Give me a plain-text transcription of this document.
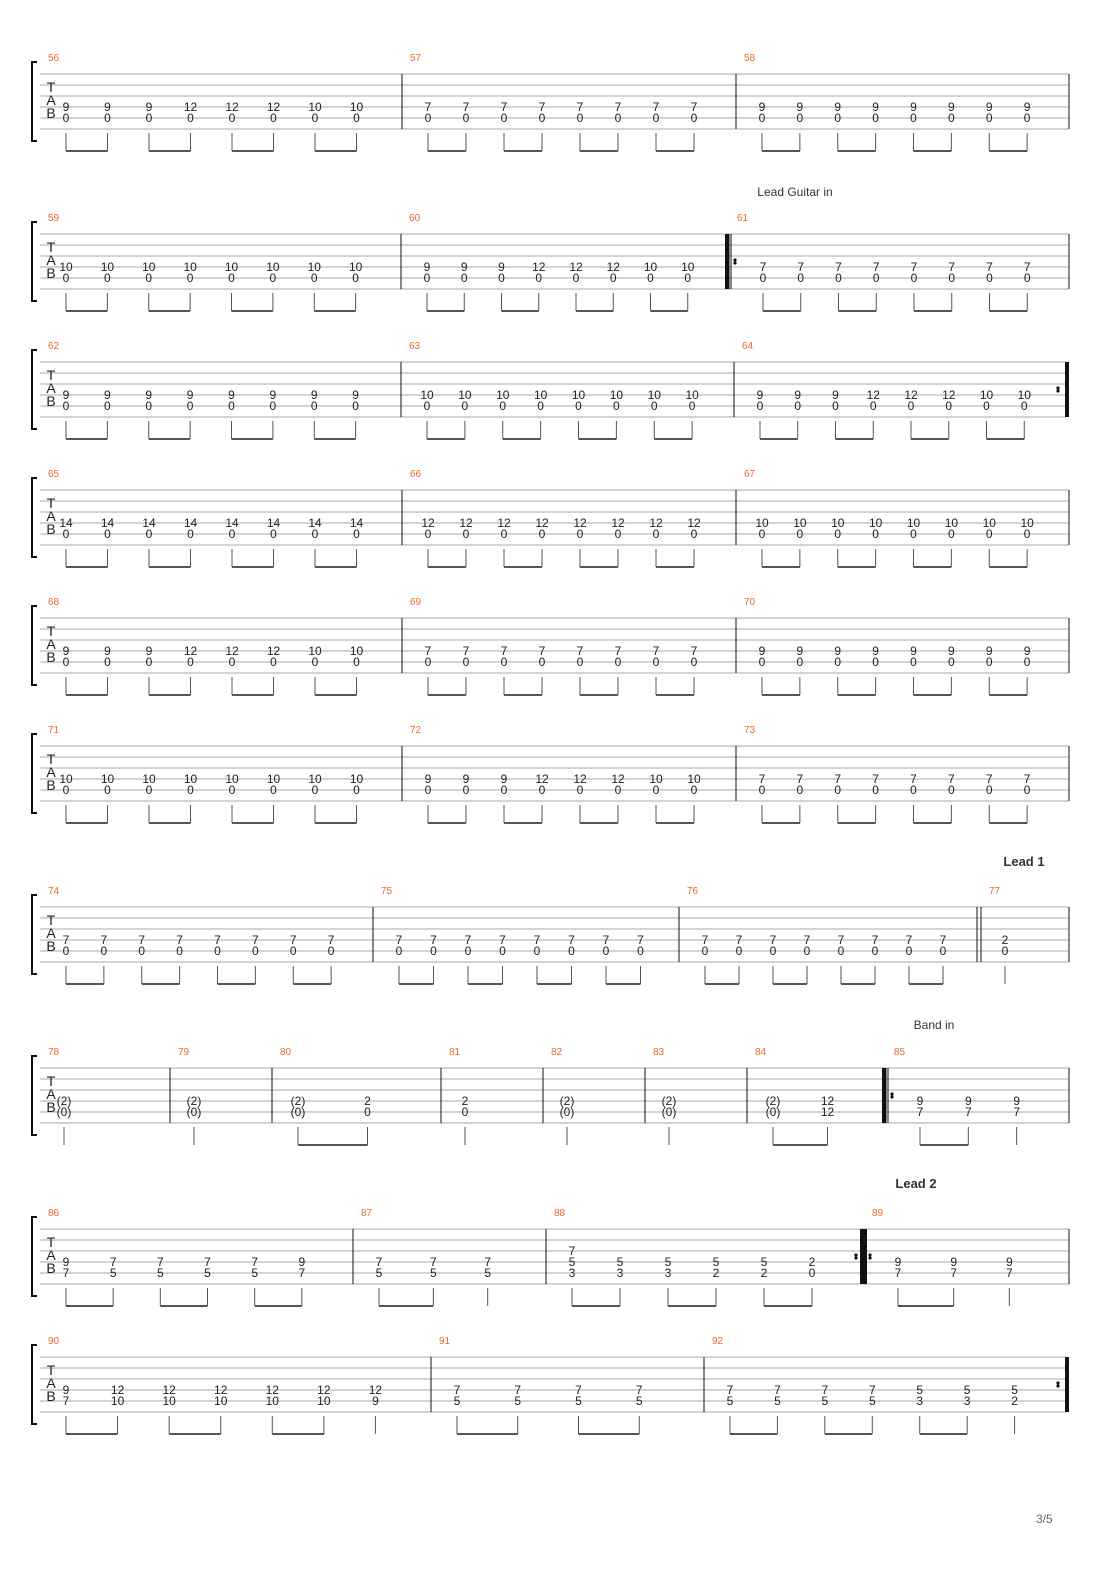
T
A
B
56
9
0
9
0
9
0
12
0
12
0
12
0
10
0
10
0
57
7
0
7
0
7
0
7
0
7
0
7
0
7
0
7
0
58
9
0
9
0
9
0
9
0
9
0
9
0
9
0
9
0
T
A
B
Lead Guitar in
59
10
0
10
0
10
0
10
0
10
0
10
0
10
0
10
0
60
9
0
9
0
9
0
12
0
12
0
12
0
10
0
10
0
61
7
0
7
0
7
0
7
0
7
0
7
0
7
0
7
0
T
A
B
62
9
0
9
0
9
0
9
0
9
0
9
0
9
0
9
0
63
10
0
10
0
10
0
10
0
10
0
10
0
10
0
10
0
64
9
0
9
0
9
0
12
0
12
0
12
0
10
0
10
0
T
A
B
65
14
0
14
0
14
0
14
0
14
0
14
0
14
0
14
0
66
12
0
12
0
12
0
12
0
12
0
12
0
12
0
12
0
67
10
0
10
0
10
0
10
0
10
0
10
0
10
0
10
0
T
A
B
68
9
0
9
0
9
0
12
0
12
0
12
0
10
0
10
0
69
7
0
7
0
7
0
7
0
7
0
7
0
7
0
7
0
70
9
0
9
0
9
0
9
0
9
0
9
0
9
0
9
0
T
A
B
71
10
0
10
0
10
0
10
0
10
0
10
0
10
0
10
0
72
9
0
9
0
9
0
12
0
12
0
12
0
10
0
10
0
73
7
0
7
0
7
0
7
0
7
0
7
0
7
0
7
0
T
A
B
Lead 1
74
7
0
7
0
7
0
7
0
7
0
7
0
7
0
7
0
75
7
0
7
0
7
0
7
0
7
0
7
0
7
0
7
0
76
7
0
7
0
7
0
7
0
7
0
7
0
7
0
7
0
77
2
0
T
A
B
Band in
78
(2)
(0)
79
(2)
(0)
80
(2)
(0)
2
0
81
2
0
82
(2)
(0)
83
(2)
(0)
84
(2)
(0)
12
12
85
9
7
9
7
9
7
T
A
B
Lead 2
86
9
7
7
5
7
5
7
5
7
5
9
7
87
7
5
7
5
7
5
88
7
5
3
5
3
5
3
5
2
5
2
2
0
89
9
7
9
7
9
7
T
A
B
90
9
7
12
10
12
10
12
10
12
10
12
10
12
9
91
7
5
7
5
7
5
7
5
92
7
5
7
5
7
5
7
5
5
3
5
3
5
2
3/5
